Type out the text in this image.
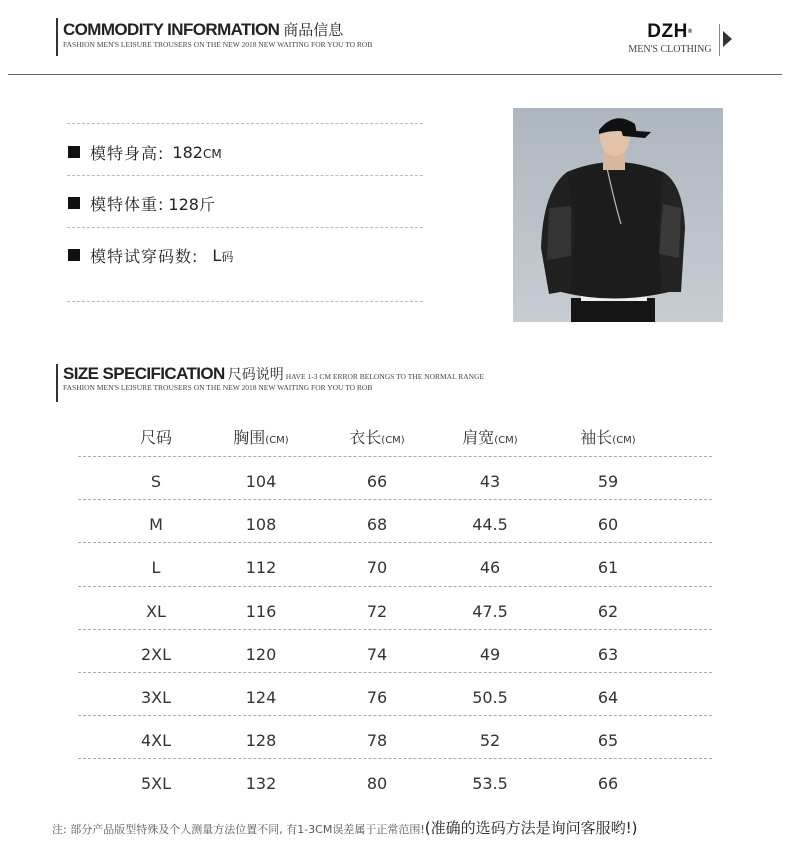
COMMODITY INFORMATION 商品信息
FASHION MEN'S LEISURE TROUSERS ON THE NEW 2018 NEW WAITING FOR YOU TO ROB
DZH®
MEN'S CLOTHING
模特身高: 182CM
模特体重: 128斤
模特试穿码数: L码
SIZE SPECIFICATION 尺码说明 HAVE 1-3 CM ERROR BELONGS TO THE NORMAL RANGE
FASHION MEN'S LEISURE TROUSERS ON THE NEW 2018 NEW WAITING FOR YOU TO ROB
尺码	胸围(CM)	衣长(CM)	肩宽(CM)	袖长(CM)
S	104	66	43	59
M	108	68	44.5	60
L	112	70	46	61
XL	116	72	47.5	62
2XL	120	74	49	63
3XL	124	76	50.5	64
4XL	128	78	52	65
5XL	132	80	53.5	66
注: 部分产品版型特殊及个人测量方法位置不同, 有1-3CM误差属于正常范围!(准确的选码方法是询问客服哟!)
